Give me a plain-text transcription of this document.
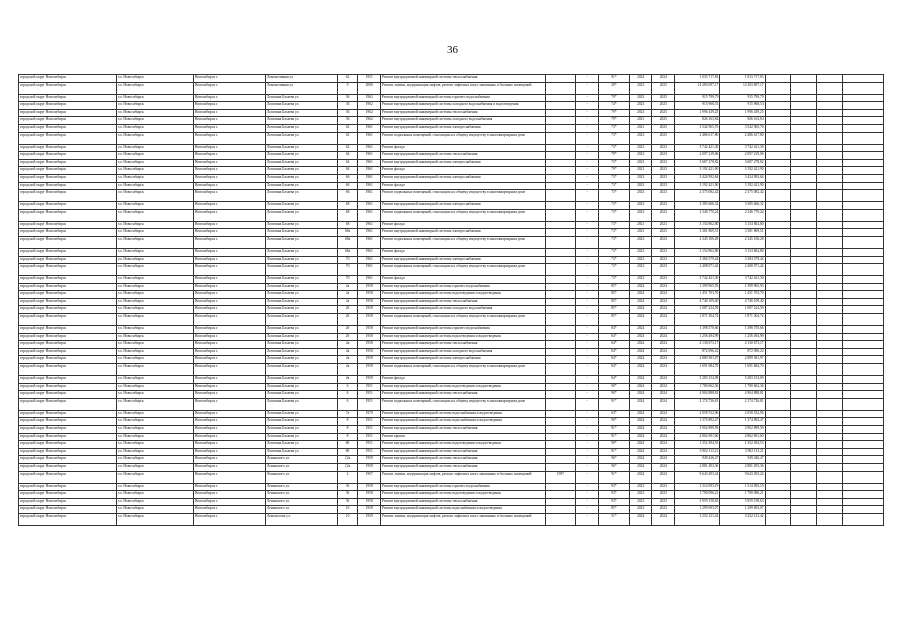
36
городской округ Новосибирск	г.п. Новосибирск	Новосибирск г.	Локомотивная ул.	62	1951	Ремонт внутридомовой инженерной системы теплоснабжения		-	91*	2024	2024	1 033 717,83	1 033 717,83				
городской округ Новосибирск	г.п. Новосибирск	Новосибирск г.	Локомотивная ул.	9	2000	Ремонт, замена, модернизация лифтов, ремонт лифтовых шахт, машинных и блочных помещений		-	29*	2023	2025	14 283 697,17	14 283 697,17				
городской округ Новосибирск	г.п. Новосибирск	Новосибирск г.	Лопатина Бахаева ул.	36	1962	Ремонт внутридомовой инженерной системы горячего водоснабжения		-	79*	2023	2025	915 799,79	915 799,79				
городской округ Новосибирск	г.п. Новосибирск	Новосибирск г.	Лопатина Бахаева ул.	36	1962	Ремонт внутридомовой инженерной системы холодного водоснабжения и водоотведения		-	74*	2023	2025	915 968,53	915 968,53				
городской округ Новосибирск	г.п. Новосибирск	Новосибирск г.	Лопатина Бахаева ул.	36	1962	Ремонт внутридомовой инженерной системы теплоснабжения		-	79*	2023	2025	1 996 439,25	1 996 439,25				
городской округ Новосибирск	г.п. Новосибирск	Новосибирск г.	Лопатина Бахаева ул.	36	1962	Ремонт внутридомовой инженерной системы холодного водоснабжения		-	79*	2021	2025	826 163,84	826 163,84				
городской округ Новосибирск	г.п. Новосибирск	Новосибирск г.	Лопатина Бахаева ул.	62	1961	Ремонт внутридомовой инженерной системы электроснабжения		-	73*	2021	2025	3 542 965,76	3 542 965,76				
городской округ Новосибирск	г.п. Новосибирск	Новосибирск г.	Лопатина Бахаева ул.	62	1961	Ремонт подвальных помещений, относящихся к общему имуществу в многоквартирном доме		-	73*	2023	2025	2 486 617,80	2 486 617,80				
городской округ Новосибирск	г.п. Новосибирск	Новосибирск г.	Лопатина Бахаева ул.	62	1961	Ремонт фасада		-	73*	2023	2023	3 742 421,30	3 742 421,30				
городской округ Новосибирск	г.п. Новосибирск	Новосибирск г.	Лопатина Бахаева ул.	64	1961	Ремонт внутридомовой инженерной системы теплоснабжения		-	79*	2023	2023	2 097 219,06	2 097 219,06				
городской округ Новосибирск	г.п. Новосибирск	Новосибирск г.	Лопатина Бахаева ул.	64	1961	Ремонт внутридомовой инженерной системы электроснабжения		-	73*	2023	2023	3 687 278,82	3 687 278,82				
городской округ Новосибирск	г.п. Новосибирск	Новосибирск г.	Лопатина Бахаева ул.	64	1961	Ремонт фасада		-	79*	2021	2023	3 192 421,90	3 192 421,90				
городской округ Новосибирск	г.п. Новосибирск	Новосибирск г.	Лопатина Бахаева ул.	66	1961	Ремонт внутридомовой инженерной системы электроснабжения		-	73*	2023	2023	3 424 992,64	3 424 992,64				
городской округ Новосибирск	г.п. Новосибирск	Новосибирск г.	Лопатина Бахаева ул.	66	1961	Ремонт фасада		-	73*	2023	2023	3 192 421,90	3 192 421,90				
городской округ Новосибирск	г.п. Новосибирск	Новосибирск г.	Лопатина Бахаева ул.	66	1961	Ремонт подвальных помещений, относящихся к общему имуществу в многоквартирном доме		-	73*	2023	2023	2 375 082,42	2 375 082,42				
городской округ Новосибирск	г.п. Новосибирск	Новосибирск г.	Лопатина Бахаева ул.	68	1961	Ремонт внутридомовой инженерной системы электроснабжения		-	73*	2023	2023	3 385 666,32	3 385 666,32				
городской округ Новосибирск	г.п. Новосибирск	Новосибирск г.	Лопатина Бахаева ул.	68	1961	Ремонт подвальных помещений, относящихся к общему имуществу в многоквартирном доме		-	73*	2023	2023	2 346 770,24	2 346 770,24				
городской округ Новосибирск	г.п. Новосибирск	Новосибирск г.	Лопатина Бахаева ул.	68	1961	Ремонт фасада		-	73*	2021	2023	3 154 862,80	3 154 862,80				
городской округ Новосибирск	г.п. Новосибирск	Новосибирск г.	Лопатина Бахаева ул.	68а	1961	Ремонт внутридомовой инженерной системы электроснабжения		-	73*	2021	2023	3 381 869,51	3 381 869,51				
городской округ Новосибирск	г.п. Новосибирск	Новосибирск г.	Лопатина Бахаева ул.	68а	1961	Ремонт подвальных помещений, относящихся к общему имуществу в многоквартирном доме		-	73*	2023	2023	2 345 106,28	2 345 106,28				
городской округ Новосибирск	г.п. Новосибирск	Новосибирск г.	Лопатина Бахаева ул.	68а	1961	Ремонт фасада		-	73*	2023	2023	3 154 862,80	3 154 862,80				
городской округ Новосибирск	г.п. Новосибирск	Новосибирск г.	Лопатина Бахаева ул.	70	1961	Ремонт внутридомовой инженерной системы электроснабжения		-	73*	2023	2023	3 384 579,44	3 384 579,44				
городской округ Новосибирск	г.п. Новосибирск	Новосибирск г.	Лопатина Бахаева ул.	70	1961	Ремонт подвальных помещений, относящихся к общему имуществу в многоквартирном доме		-	73*	2023	2023	2 408 071,42	2 408 071,42				
городской округ Новосибирск	г.п. Новосибирск	Новосибирск г.	Лопатина Бахаева ул.	70	1961	Ремонт фасада		-	73*	2023	2023	3 742 421,30	3 742 421,30				
городской округ Новосибирск	г.п. Новосибирск	Новосибирск г.	Лопатина Бахаева ул.	2а	1958	Ремонт внутридомовой инженерной системы горячего водоснабжения		-	85*	2024	2024	1 399 965,93	1 399 965,93				
городской округ Новосибирск	г.п. Новосибирск	Новосибирск г.	Лопатина Бахаева ул.	2а	1958	Ремонт внутридомовой инженерной системы водоотведения и водоотведения		-	85*	2024	2024	1 451 703,70	1 451 703,70				
городской округ Новосибирск	г.п. Новосибирск	Новосибирск г.	Лопатина Бахаева ул.	2а	1958	Ремонт внутридомовой инженерной системы теплоснабжения		-	85*	2024	2024	4 746 109,40	4 746 109,40				
городской округ Новосибирск	г.п. Новосибирск	Новосибирск г.	Лопатина Бахаева ул.	2б	1958	Ремонт внутридомовой инженерной системы холодного водоснабжения		-	85*	2024	2024	1 087 224,59	1 087 224,59				
городской округ Новосибирск	г.п. Новосибирск	Новосибирск г.	Лопатина Бахаева ул.	2б	1958	Ремонт подвальных помещений, относящихся к общему имуществу в многоквартирном доме		-	85*	2024	2024	1 871 304,74	1 871 304,74				
городской округ Новосибирск	г.п. Новосибирск	Новосибирск г.	Лопатина Бахаева ул.	2б	1958	Ремонт внутридомовой инженерной системы горячего водоснабжения		-	84*	2024	2024	1 398 570,66	1 398 570,66				
городской округ Новосибирск	г.п. Новосибирск	Новосибирск г.	Лопатина Бахаева ул.	2б	1958	Ремонт внутридомовой инженерной системы водоотведения и водоотведения		-	84*	2024	2024	1 256 494,99	1 256 494,99				
городской округ Новосибирск	г.п. Новосибирск	Новосибирск г.	Лопатина Бахаева ул.	2в	1958	Ремонт внутридомовой инженерной системы теплоснабжения		-	84*	2024	2024	4 130 673,17	4 130 673,17				
городской округ Новосибирск	г.п. Новосибирск	Новосибирск г.	Лопатина Бахаева ул.	2в	1958	Ремонт внутридомовой инженерной системы холодного водоснабжения		-	84*	2024	2024	872 096,22	872 096,22				
городской округ Новосибирск	г.п. Новосибирск	Новосибирск г.	Лопатина Бахаева ул.	2в	1958	Ремонт внутридомовой инженерной системы электроснабжения		-	84*	2024	2024	2 889 381,97	2 889 381,97				
городской округ Новосибирск	г.п. Новосибирск	Новосибирск г.	Лопатина Бахаева ул.	2в	1958	Ремонт подвальных помещений, относящихся к общему имуществу в многоквартирном доме		-	84*	2024	2024	1 691 684,70	1 691 684,70				
городской округ Новосибирск	г.п. Новосибирск	Новосибирск г.	Лопатина Бахаева ул.	2в	1958	Ремонт фасада		-	84*	2024	2024	5 283 154,09	5 283 154,09				
городской округ Новосибирск	г.п. Новосибирск	Новосибирск г.	Лопатина Бахаева ул.	6	1951	Ремонт внутридомовой инженерной системы водоотведения и водоотведения		-	90*	2024	2024	1 780 662,36	1 780 662,36				
городской округ Новосибирск	г.п. Новосибирск	Новосибирск г.	Лопатина Бахаева ул.	6	1951	Ремонт внутридомовой инженерной системы теплоснабжения		-	90*	2024	2024	4 904 888,81	4 904 888,81				
городской округ Новосибирск	г.п. Новосибирск	Новосибирск г.	Лопатина Бахаева ул.	6	1951	Ремонт подвальных помещений, относящихся к общему имуществу в многоквартирном доме		-	91*	2024	2024	2 174 726,81	2 174 726,81				
городской округ Новосибирск	г.п. Новосибирск	Новосибирск г.	Лопатина Бахаева ул.	7а	1970	Ремонт внутридомовой инженерной системы водоснабжения и водоотведения		-	63*	2024	2024	2 058 532,96	2 058 532,96				
городской округ Новосибирск	г.п. Новосибирск	Новосибирск г.	Лопатина Бахаева ул.	8	1951	Ремонт внутридомовой инженерной системы водоснабжения и водоотведения		-	90*	2024	2024	1 374 892,47	1 374 892,47				
городской округ Новосибирск	г.п. Новосибирск	Новосибирск г.	Лопатина Бахаева ул.	8	1951	Ремонт внутридомовой инженерной системы теплоснабжения		-	91*	2024	2024	3 902 899,59	3 902 899,59				
городской округ Новосибирск	г.п. Новосибирск	Новосибирск г.	Лопатина Бахаева ул.	8	1951	Ремонт крыши		-	91*	2024	2024	4 862 691,60	4 862 691,60				
городской округ Новосибирск	г.п. Новосибирск	Новосибирск г.	Лопатина Бахаева ул.	8б	1951	Ремонт внутридомовой инженерной системы водоотведения и водоотведения		-	90*	2024	2024	1 352 494,53	1 352 494,53				
городской округ Новосибирск	г.п. Новосибирск	Новосибирск г.	Лопатина Бахаева ул.	8б	1951	Ремонт внутридомовой инженерной системы теплоснабжения		-	91*	2024	2024	3 902 113,21	3 902 113,21				
городской округ Новосибирск	г.п. Новосибирск	Новосибирск г.	Ленинского ул.	12а	1958	Ремонт внутридомовой инженерной системы теплоснабжения		-	96*	2024	2024	949 426,47	949 426,47				
городской округ Новосибирск	г.п. Новосибирск	Новосибирск г.	Ленинского ул.	12а	1958	Ремонт внутридомовой инженерной системы теплоснабжения		-	96*	2024	2024	2 881 493,36	2 881 493,36				
городской округ Новосибирск	г.п. Новосибирск	Новосибирск г.	Ленинского ул.	2	1907	Ремонт, замена, модернизация лифтов, ремонт лифтовых шахт, машинных и блочных помещений	1997	-	91*	2024	2024	9 643 493,24	9 643 493,24				
городской округ Новосибирск	г.п. Новосибирск	Новосибирск г.	Ленинского ул.	3б	1958	Ремонт внутридомовой инженерной системы горячего водоснабжения		-	93*	2023	2023	1 314 093,19	1 314 093,19				
городской округ Новосибирск	г.п. Новосибирск	Новосибирск г.	Ленинского ул.	3б	1958	Ремонт внутридомовой инженерной системы водоотведения и водоотведения		-	93*	2023	2023	1 790 096,21	1 790 096,21				
городской округ Новосибирск	г.п. Новосибирск	Новосибирск г.	Ленинского ул.	3б	1958	Ремонт внутридомовой инженерной системы теплоснабжения		-	93*	2023	2023	3 959 158,63	3 959 158,63				
городской округ Новосибирск	г.п. Новосибирск	Новосибирск г.	Ленинского ул.	1б	1958	Ремонт внутридомовой инженерной системы водоснабжения и водоотведения		-	85*	2023	2023	1 299 693,07	1 299 693,07				
городской округ Новосибирск	г.п. Новосибирск	Новосибирск г.	Ломоносова ул.	10	1959	Ремонт, замена, модернизация лифтов, ремонт лифтовых шахт, машинных и блочных помещений		-	51*	2024	2024	3 252 121,42	3 252 121,42				
